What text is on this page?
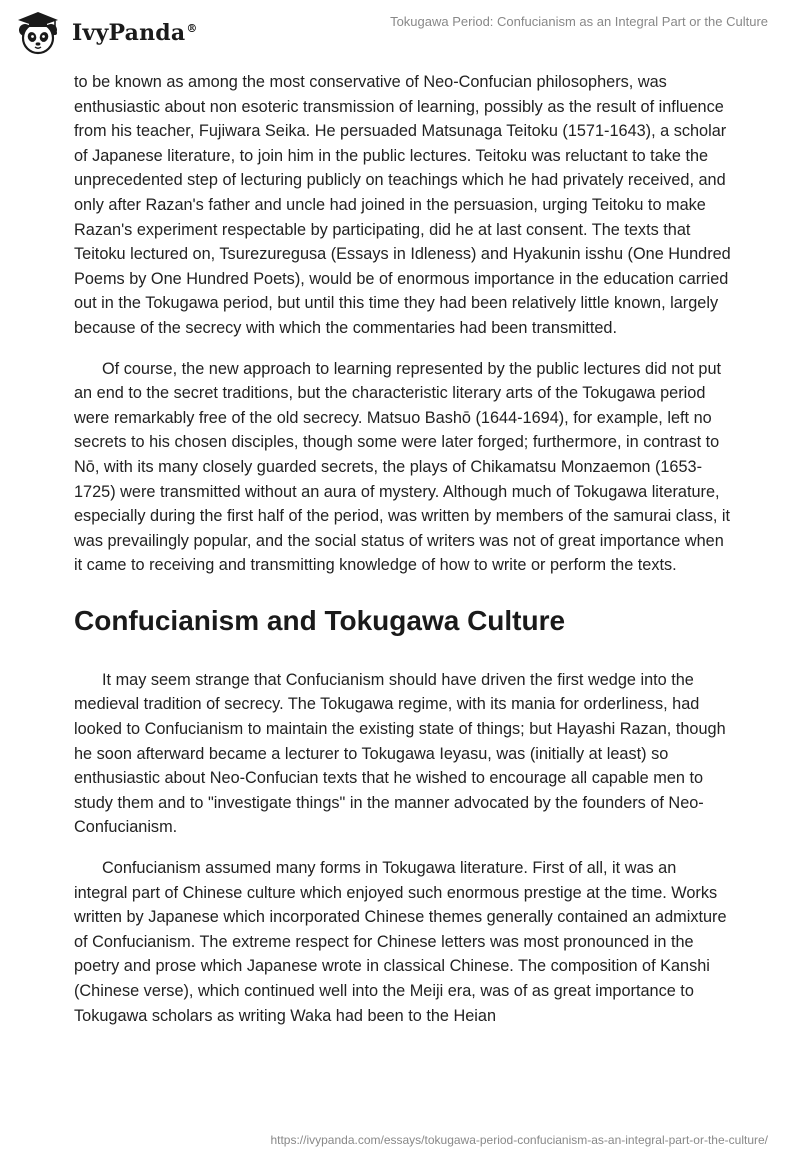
IvyPanda®	Tokugawa Period: Confucianism as an Integral Part or the Culture

to be known as among the most conservative of Neo-Confucian philosophers, was enthusiastic about non esoteric transmission of learning, possibly as the result of influence from his teacher, Fujiwara Seika. He persuaded Matsunaga Teitoku (1571-1643), a scholar of Japanese literature, to join him in the public lectures. Teitoku was reluctant to take the unprecedented step of lecturing publicly on teachings which he had privately received, and only after Razan's father and uncle had joined in the persuasion, urging Teitoku to make Razan's experiment respectable by participating, did he at last consent. The texts that Teitoku lectured on, Tsurezuregusa (Essays in Idleness) and Hyakunin isshu (One Hundred Poems by One Hundred Poets), would be of enormous importance in the education carried out in the Tokugawa period, but until this time they had been relatively little known, largely because of the secrecy with which the commentaries had been transmitted.

Of course, the new approach to learning represented by the public lectures did not put an end to the secret traditions, but the characteristic literary arts of the Tokugawa period were remarkably free of the old secrecy. Matsuo Bashō (1644-1694), for example, left no secrets to his chosen disciples, though some were later forged; furthermore, in contrast to Nō, with its many closely guarded secrets, the plays of Chikamatsu Monzaemon (1653-1725) were transmitted without an aura of mystery. Although much of Tokugawa literature, especially during the first half of the period, was written by members of the samurai class, it was prevailingly popular, and the social status of writers was not of great importance when it came to receiving and transmitting knowledge of how to write or perform the texts.

Confucianism and Tokugawa Culture

It may seem strange that Confucianism should have driven the first wedge into the medieval tradition of secrecy. The Tokugawa regime, with its mania for orderliness, had looked to Confucianism to maintain the existing state of things; but Hayashi Razan, though he soon afterward became a lecturer to Tokugawa Ieyasu, was (initially at least) so enthusiastic about Neo-Confucian texts that he wished to encourage all capable men to study them and to "investigate things" in the manner advocated by the founders of Neo-Confucianism.

Confucianism assumed many forms in Tokugawa literature. First of all, it was an integral part of Chinese culture which enjoyed such enormous prestige at the time. Works written by Japanese which incorporated Chinese themes generally contained an admixture of Confucianism. The extreme respect for Chinese letters was most pronounced in the poetry and prose which Japanese wrote in classical Chinese. The composition of Kanshi (Chinese verse), which continued well into the Meiji era, was of as great importance to Tokugawa scholars as writing Waka had been to the Heian

https://ivypanda.com/essays/tokugawa-period-confucianism-as-an-integral-part-or-the-culture/
